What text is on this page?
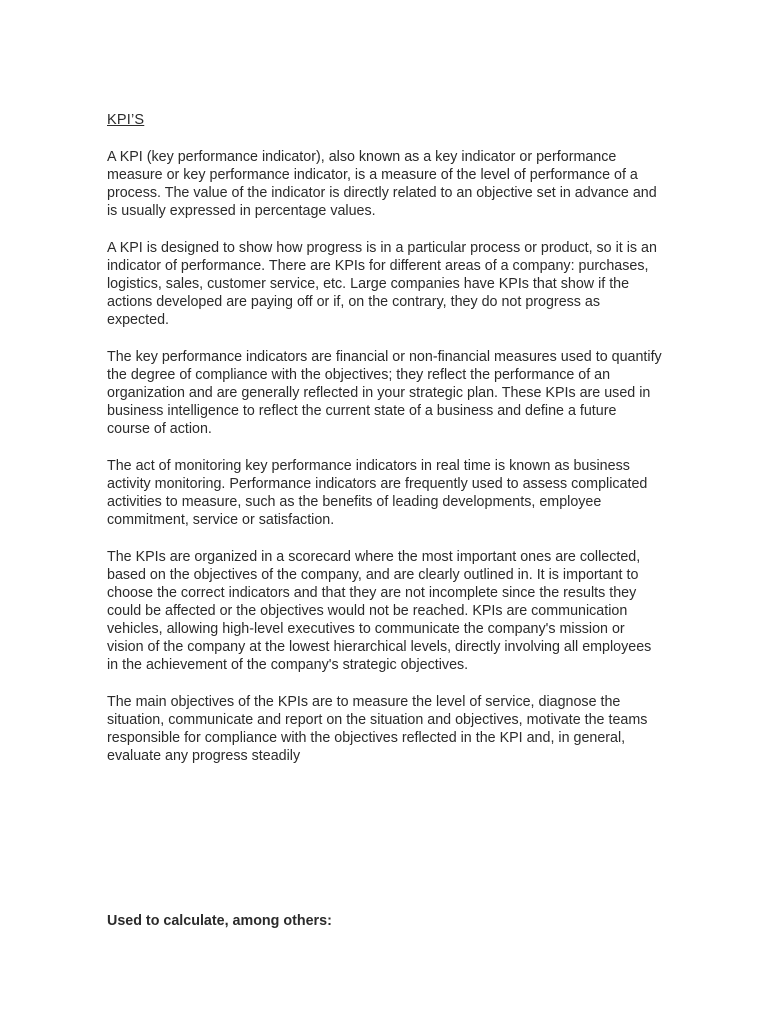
KPI’S

A KPI (key performance indicator), also known as a key indicator or performance measure or key performance indicator, is a measure of the level of performance of a process. The value of the indicator is directly related to an objective set in advance and is usually expressed in percentage values.

A KPI is designed to show how progress is in a particular process or product, so it is an indicator of performance. There are KPIs for different areas of a company: purchases, logistics, sales, customer service, etc. Large companies have KPIs that show if the actions developed are paying off or if, on the contrary, they do not progress as expected.

The key performance indicators are financial or non-financial measures used to quantify the degree of compliance with the objectives; they reflect the performance of an organization and are generally reflected in your strategic plan. These KPIs are used in business intelligence to reflect the current state of a business and define a future course of action.

The act of monitoring key performance indicators in real time is known as business activity monitoring. Performance indicators are frequently used to assess complicated activities to measure, such as the benefits of leading developments, employee commitment, service or satisfaction.

The KPIs are organized in a scorecard where the most important ones are collected, based on the objectives of the company, and are clearly outlined in. It is important to choose the correct indicators and that they are not incomplete since the results they could be affected or the objectives would not be reached. KPIs are communication vehicles, allowing high-level executives to communicate the company's mission or vision of the company at the lowest hierarchical levels, directly involving all employees in the achievement of the company's strategic objectives.

The main objectives of the KPIs are to measure the level of service, diagnose the situation, communicate and report on the situation and objectives, motivate the teams responsible for compliance with the objectives reflected in the KPI and, in general, evaluate any progress steadily

Used to calculate, among others:
